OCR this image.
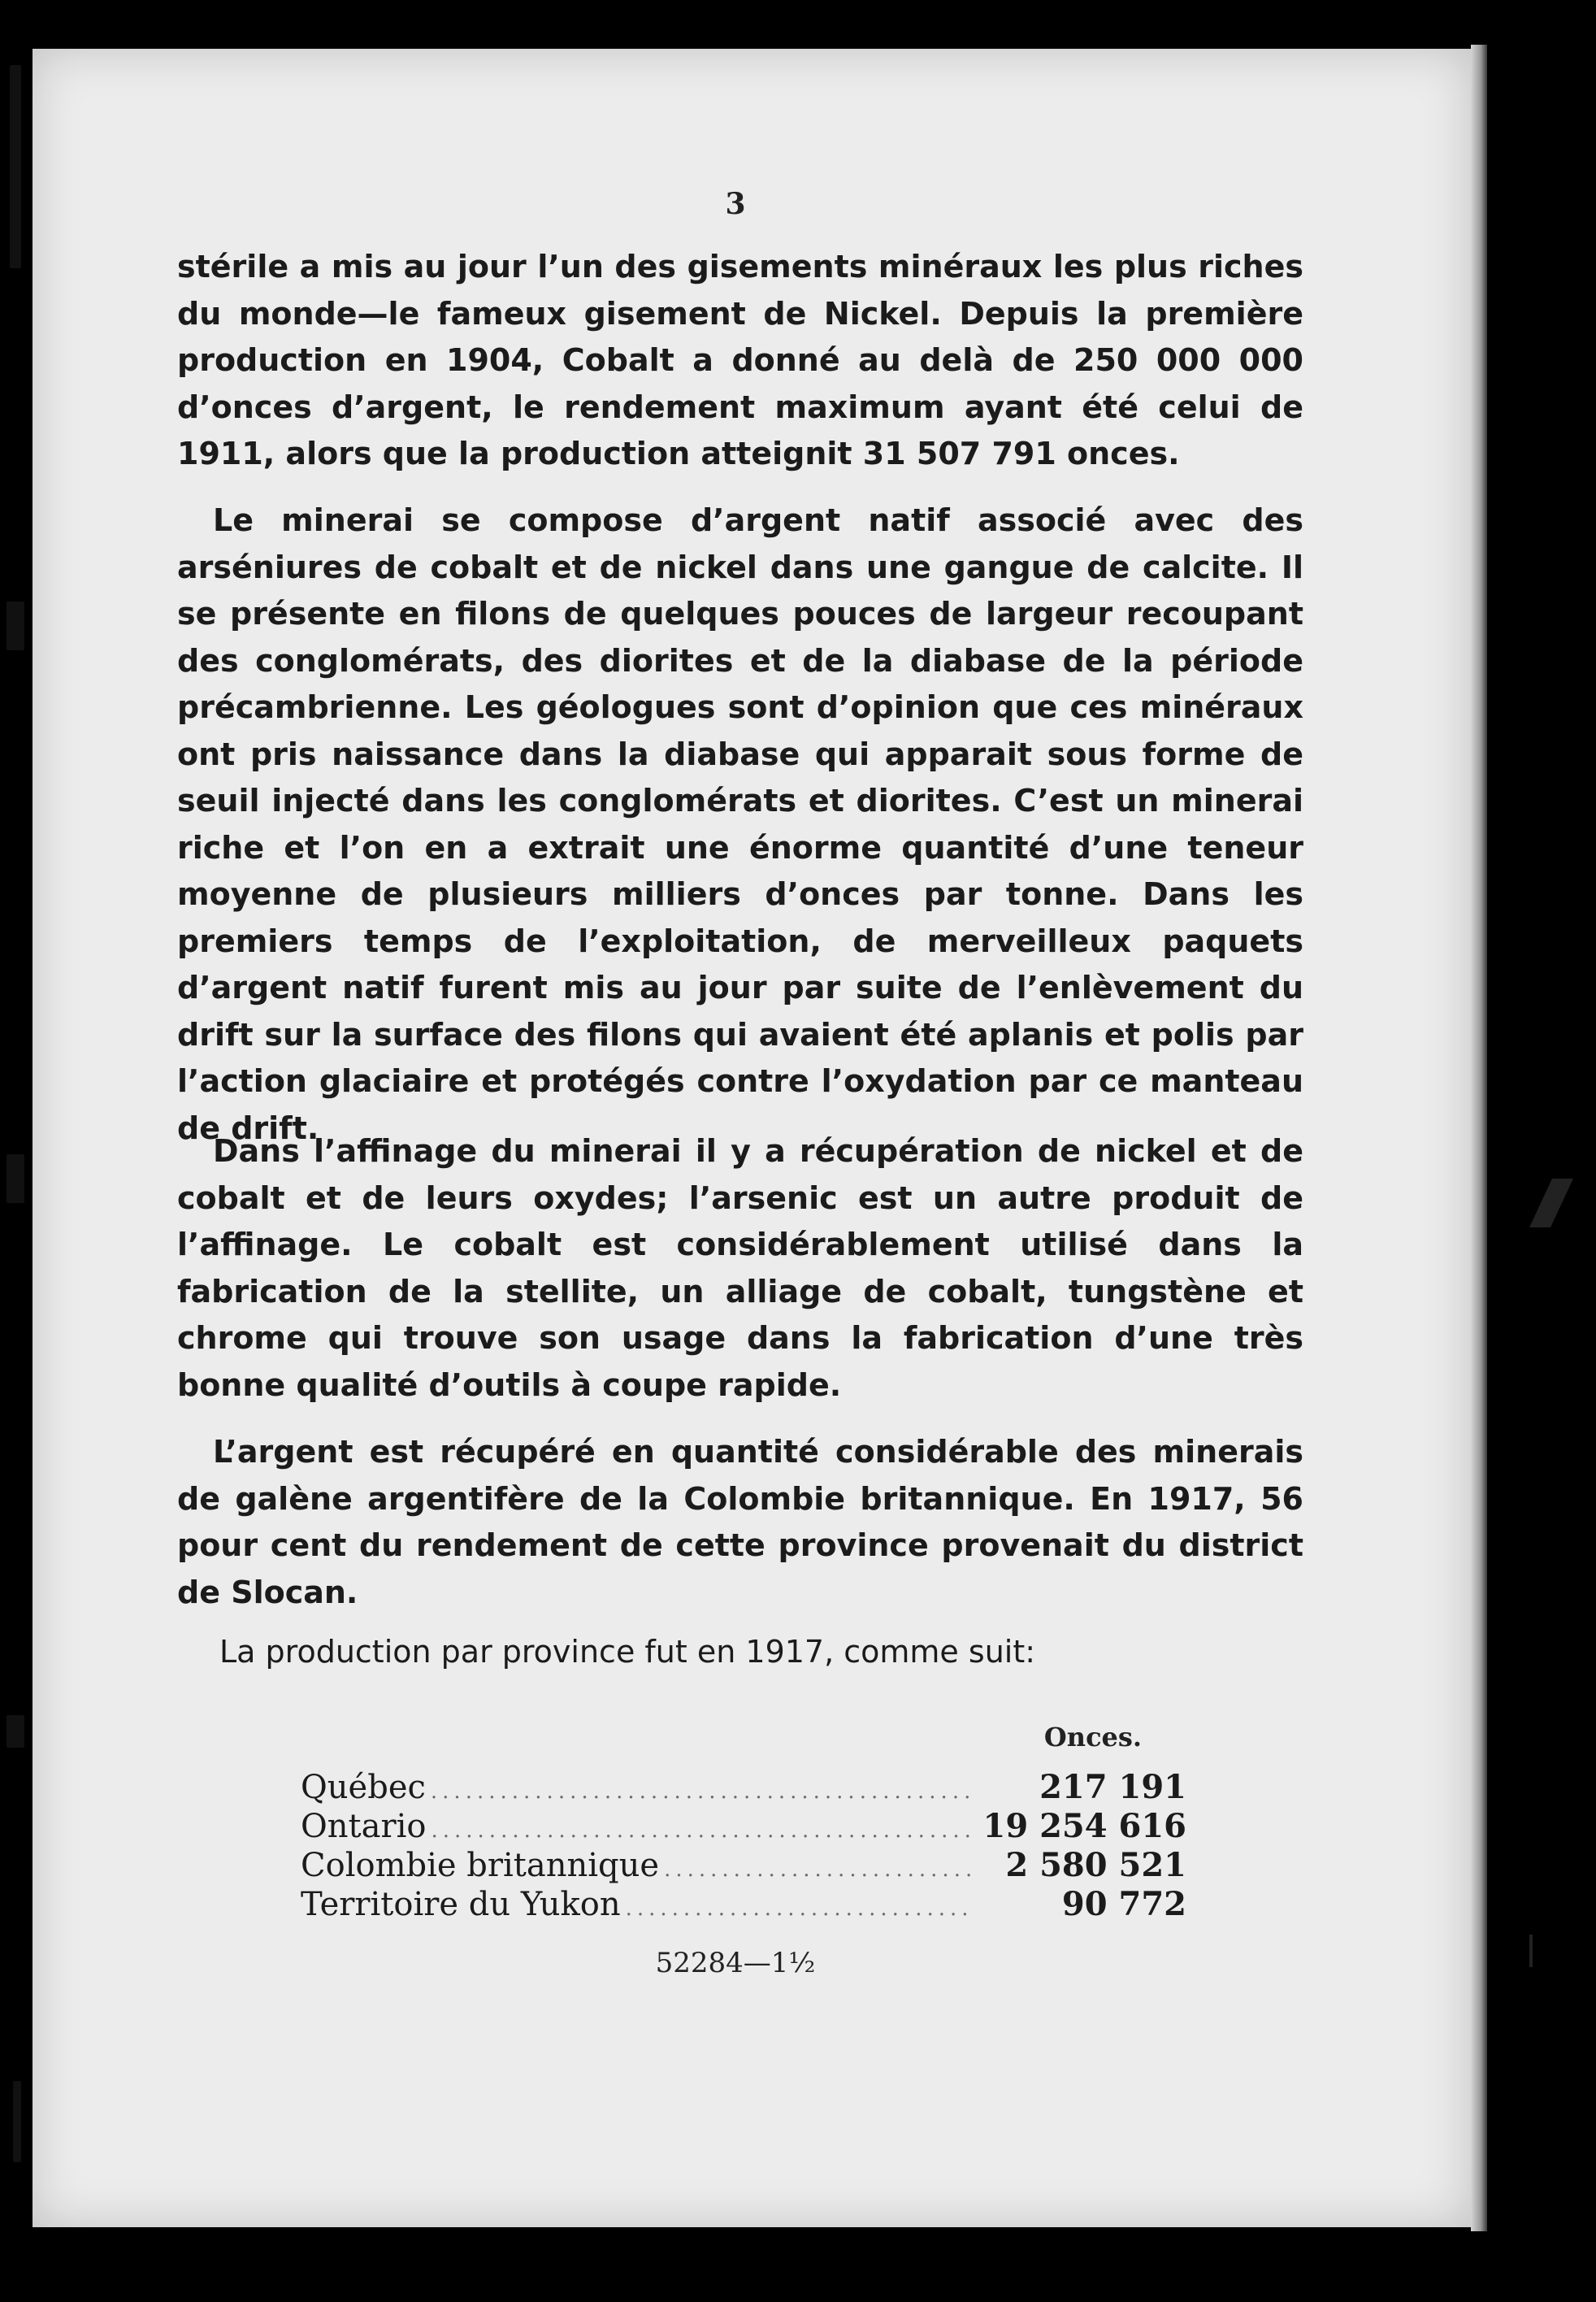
3

stérile a mis au jour l’un des gisements minéraux les plus riches du monde—le fameux gisement de Nickel. Depuis la première production en 1904, Cobalt a donné au delà de 250 000 000 d’onces d’argent, le rendement maximum ayant été celui de 1911, alors que la production atteignit 31 507 791 onces.

Le minerai se compose d’argent natif associé avec des arséniures de cobalt et de nickel dans une gangue de calcite. Il se présente en filons de quelques pouces de largeur recoupant des conglomérats, des diorites et de la diabase de la période précambrienne. Les géologues sont d’opinion que ces minéraux ont pris naissance dans la diabase qui apparait sous forme de seuil injecté dans les conglomérats et diorites. C’est un minerai riche et l’on en a extrait une énorme quantité d’une teneur moyenne de plusieurs milliers d’onces par tonne. Dans les premiers temps de l’exploitation, de merveilleux paquets d’argent natif furent mis au jour par suite de l’enlèvement du drift sur la surface des filons qui avaient été aplanis et polis par l’action glaciaire et protégés contre l’oxydation par ce manteau de drift.

Dans l’affinage du minerai il y a récupération de nickel et de cobalt et de leurs oxydes; l’arsenic est un autre produit de l’affinage. Le cobalt est considérablement utilisé dans la fabrication de la stellite, un alliage de cobalt, tungstène et chrome qui trouve son usage dans la fabrication d’une très bonne qualité d’outils à coupe rapide.

L’argent est récupéré en quantité considérable des minerais de galène argentifère de la Colombie britannique. En 1917, 56 pour cent du rendement de cette province provenait du district de Slocan.

La production par province fut en 1917, comme suit:

Onces.
Québec .....	217 191
Ontario .....	19 254 616
Colombie britannique .....	2 580 521
Territoire du Yukon .....	90 772
52284—1½
